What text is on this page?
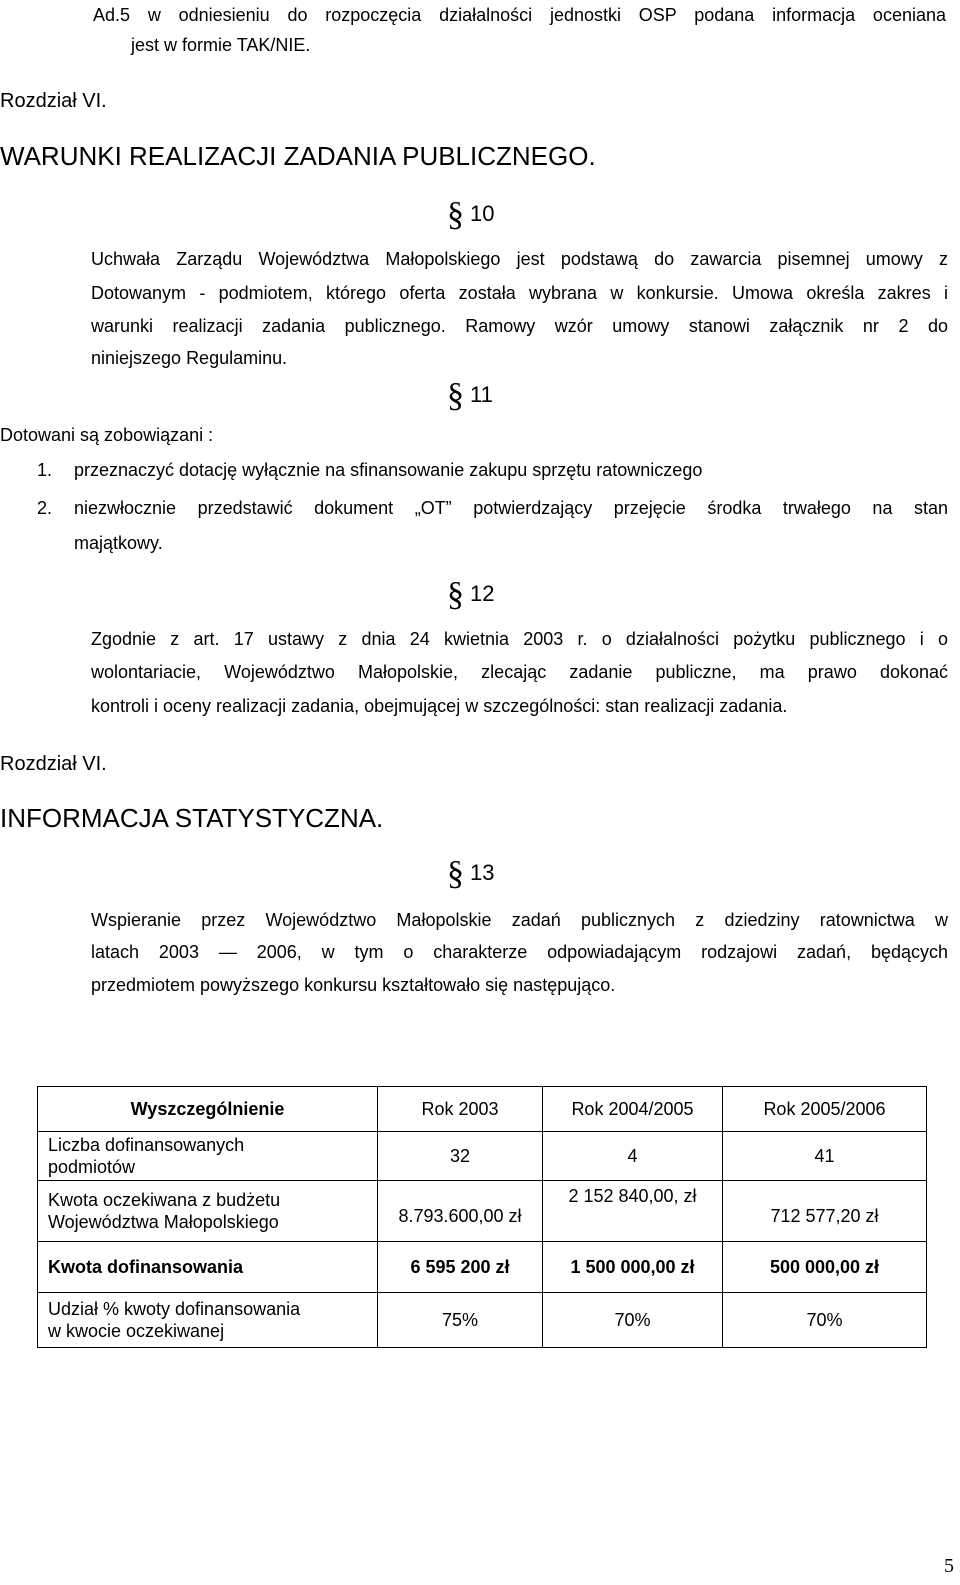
Ad.5 w odniesieniu do rozpoczęcia działalności jednostki OSP podana informacja oceniana
jest w formie TAK/NIE.
Rozdział VI.
WARUNKI REALIZACJI ZADANIA PUBLICZNEGO.
§ 10
Uchwała Zarządu Województwa Małopolskiego jest podstawą do zawarcia pisemnej umowy z
Dotowanym - podmiotem, którego oferta została wybrana w konkursie. Umowa określa zakres i
warunki realizacji zadania publicznego. Ramowy wzór umowy stanowi załącznik nr 2 do
niniejszego Regulaminu.
§ 11
Dotowani są zobowiązani :
1. przeznaczyć dotację wyłącznie na sfinansowanie zakupu sprzętu ratowniczego
2. niezwłocznie przedstawić dokument „OT” potwierdzający przejęcie środka trwałego na stan
majątkowy.
§ 12
Zgodnie z art. 17 ustawy z dnia 24 kwietnia 2003 r. o działalności pożytku publicznego i o
wolontariacie, Województwo Małopolskie, zlecając zadanie publiczne, ma prawo dokonać
kontroli i oceny realizacji zadania, obejmującej w szczególności: stan realizacji zadania.
Rozdział VI.
INFORMACJA STATYSTYCZNA.
§ 13
Wspieranie przez Województwo Małopolskie zadań publicznych z dziedziny ratownictwa w
latach 2003 — 2006, w tym o charakterze odpowiadającym rodzajowi zadań, będących
przedmiotem powyższego konkursu kształtowało się następująco.
Wyszczególnienie	Rok 2003	Rok 2004/2005	Rok 2005/2006
Liczba dofinansowanych
podmiotów	32	4	41
Kwota oczekiwana z budżetu
Województwa Małopolskiego	8.793.600,00 zł	2 152 840,00, zł	712 577,20 zł
Kwota dofinansowania	6 595 200 zł	1 500 000,00 zł	500 000,00 zł
Udział % kwoty dofinansowania
w kwocie oczekiwanej	75%	70%	70%
5
